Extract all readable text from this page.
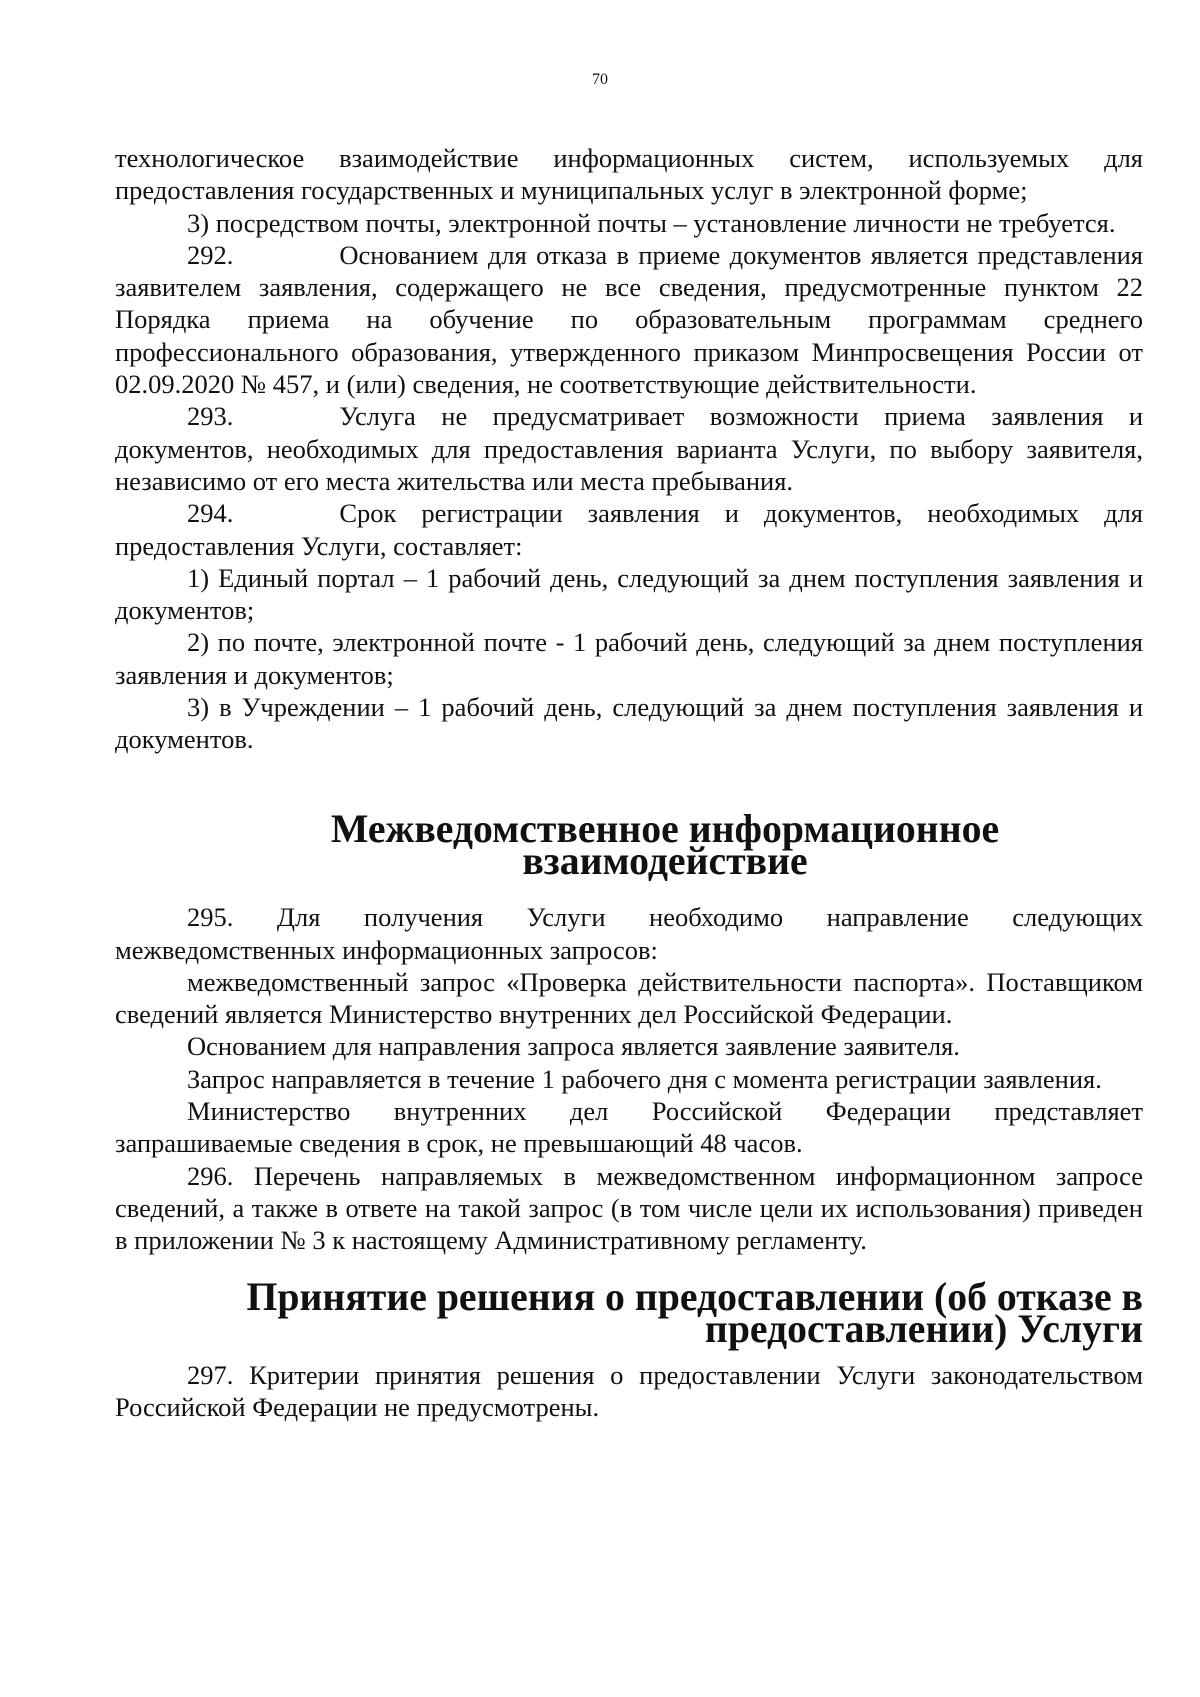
70

технологическое взаимодействие информационных систем, используемых для предоставления государственных и муниципальных услуг в электронной форме;

3) посредством почты, электронной почты – установление личности не требуется.

292.    Основанием для отказа в приеме документов является представления заявителем заявления, содержащего не все сведения, предусмотренные пунктом 22 Порядка приема на обучение по образовательным программам среднего профессионального образования, утвержденного приказом Минпросвещения России от 02.09.2020 № 457, и (или) сведения, не соответствующие действительности.

293.    Услуга не предусматривает возможности приема заявления и документов, необходимых для предоставления варианта Услуги, по выбору заявителя, независимо от его места жительства или места пребывания.

294.    Срок регистрации заявления и документов, необходимых для предоставления Услуги, составляет:

1) Единый портал – 1 рабочий день, следующий за днем поступления заявления и документов;

2) по почте, электронной почте - 1 рабочий день, следующий за днем поступления заявления и документов;

3) в Учреждении – 1 рабочий день, следующий за днем поступления заявления и документов.

Межведомственное информационное взаимодействие

295. Для получения Услуги необходимо направление следующих межведомственных информационных запросов:

межведомственный запрос «Проверка действительности паспорта». Поставщиком сведений является Министерство внутренних дел Российской Федерации.

Основанием для направления запроса является заявление заявителя.

Запрос направляется в течение 1 рабочего дня с момента регистрации заявления.

Министерство внутренних дел Российской Федерации представляет запрашиваемые сведения в срок, не превышающий 48 часов.

296. Перечень направляемых в межведомственном информационном запросе сведений, а также в ответе на такой запрос (в том числе цели их использования) приведен в приложении № 3 к настоящему Административному регламенту.

Принятие решения о предоставлении (об отказе в предоставлении) Услуги

297. Критерии принятия решения о предоставлении Услуги законодательством Российской Федерации не предусмотрены.
